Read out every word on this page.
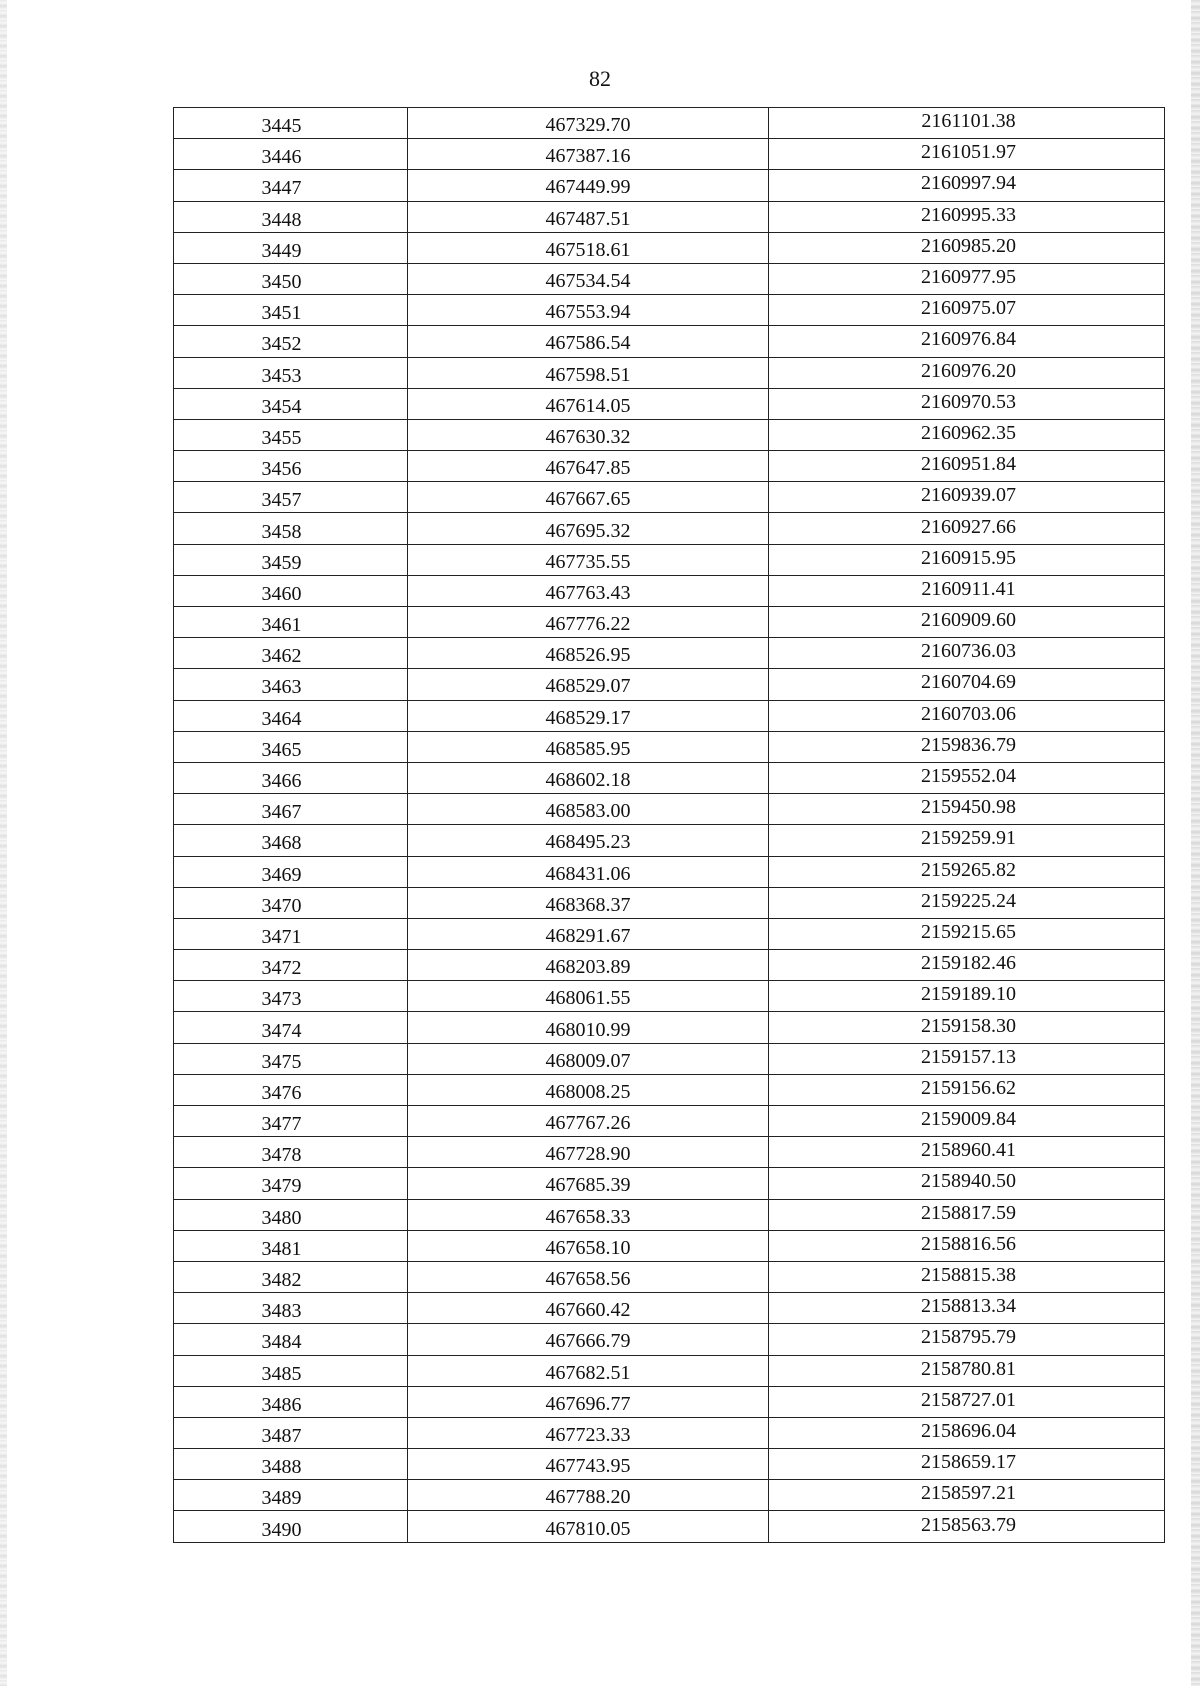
82
3445	467329.70	2161101.38
3446	467387.16	2161051.97
3447	467449.99	2160997.94
3448	467487.51	2160995.33
3449	467518.61	2160985.20
3450	467534.54	2160977.95
3451	467553.94	2160975.07
3452	467586.54	2160976.84
3453	467598.51	2160976.20
3454	467614.05	2160970.53
3455	467630.32	2160962.35
3456	467647.85	2160951.84
3457	467667.65	2160939.07
3458	467695.32	2160927.66
3459	467735.55	2160915.95
3460	467763.43	2160911.41
3461	467776.22	2160909.60
3462	468526.95	2160736.03
3463	468529.07	2160704.69
3464	468529.17	2160703.06
3465	468585.95	2159836.79
3466	468602.18	2159552.04
3467	468583.00	2159450.98
3468	468495.23	2159259.91
3469	468431.06	2159265.82
3470	468368.37	2159225.24
3471	468291.67	2159215.65
3472	468203.89	2159182.46
3473	468061.55	2159189.10
3474	468010.99	2159158.30
3475	468009.07	2159157.13
3476	468008.25	2159156.62
3477	467767.26	2159009.84
3478	467728.90	2158960.41
3479	467685.39	2158940.50
3480	467658.33	2158817.59
3481	467658.10	2158816.56
3482	467658.56	2158815.38
3483	467660.42	2158813.34
3484	467666.79	2158795.79
3485	467682.51	2158780.81
3486	467696.77	2158727.01
3487	467723.33	2158696.04
3488	467743.95	2158659.17
3489	467788.20	2158597.21
3490	467810.05	2158563.79
